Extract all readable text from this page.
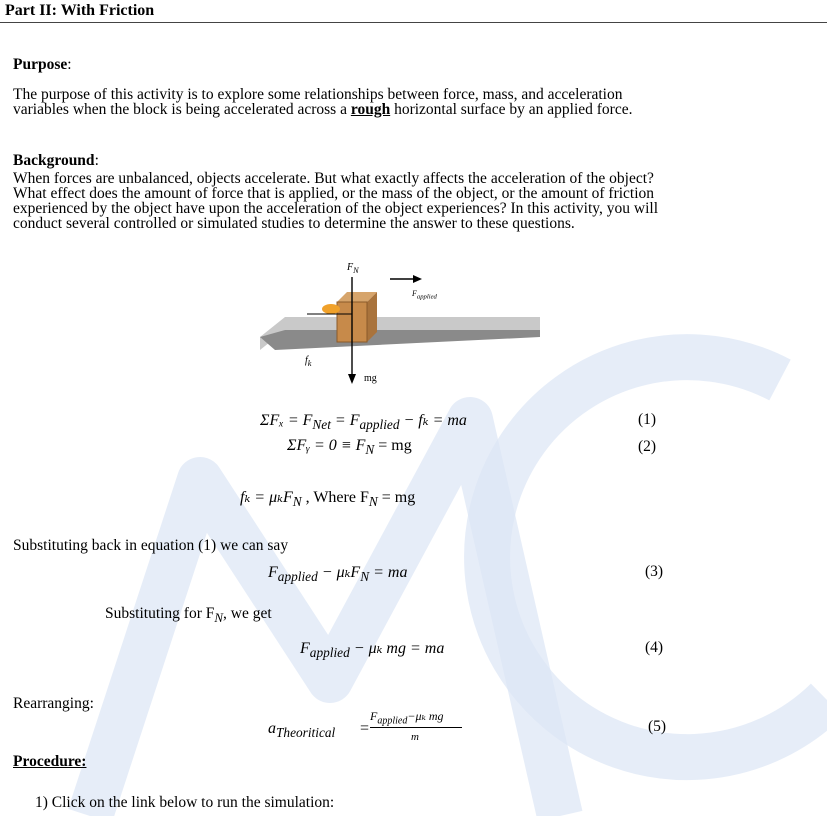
Part II: With Friction
Purpose:
The purpose of this activity is to explore some relationships between force, mass, and acceleration variables when the block is being accelerated across a rough horizontal surface by an applied force.
Background:
When forces are unbalanced, objects accelerate. But what exactly affects the acceleration of the object? What effect does the amount of force that is applied, or the mass of the object, or the amount of friction experienced by the object have upon the acceleration of the object experiences? In this activity, you will conduct several controlled or simulated studies to determine the answer to these questions.
$F_N$
$F_{applied}$
$f_k$
mg
$\Sigma F_x = F_{Net} = F_{applied} - f_k$ = ma	(1)
ΣFᵧ = $0 \equiv F_N$ = mg	(2)
fₖ = μₖF$_N$ , Where $F_N$ = mg
Substituting back in equation (1) we can say
$F_{applied} - \mu_kF_N$ = ma	(3)
Substituting for $F_N$, we get
$F_{applied} - \mu_k$ mg = ma	(4)
Rearranging:
$a_{Theoritical}$ =
$F_{applied}-\mu_k$ mg
m
(5)
Procedure:
1) Click on the link below to run the simulation:
